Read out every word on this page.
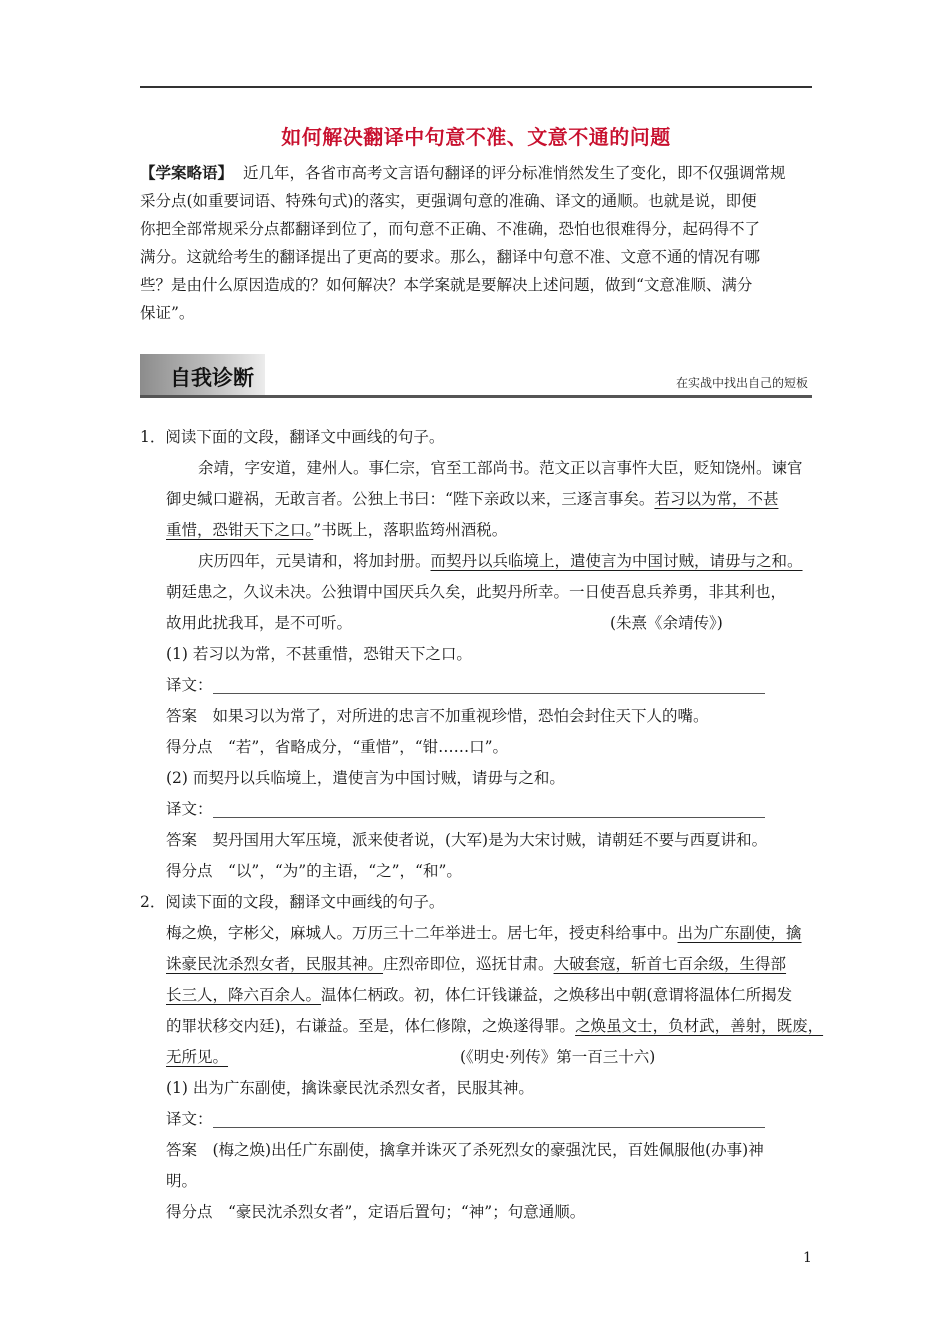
如何解决翻译中句意不准、文意不通的问题
【学案略语】 近几年，各省市高考文言语句翻译的评分标准悄然发生了变化，即不仅强调常规
采分点(如重要词语、特殊句式)的落实，更强调句意的准确、译文的通顺。也就是说，即便
你把全部常规采分点都翻译到位了，而句意不正确、不准确，恐怕也很难得分，起码得不了
满分。这就给考生的翻译提出了更高的要求。那么，翻译中句意不准、文意不通的情况有哪
些？是由什么原因造成的？如何解决？本学案就是要解决上述问题，做到“文意准顺、满分
保证”。
自我诊断	在实战中找出自己的短板
1．阅读下面的文段，翻译文中画线的句子。
余靖，字安道，建州人。事仁宗，官至工部尚书。范文正以言事忤大臣，贬知饶州。谏官
御史缄口避祸，无敢言者。公独上书曰：“陛下亲政以来，三逐言事矣。若习以为常，不甚
重惜，恐钳天下之口。”书既上，落职监筠州酒税。
庆历四年，元昊请和，将加封册。而契丹以兵临境上，遣使言为中国讨贼，请毋与之和。
朝廷患之，久议未决。公独谓中国厌兵久矣，此契丹所幸。一日使吾息兵养勇，非其利也，
故用此扰我耳，是不可听。	(朱熹《余靖传》)
(1) 若习以为常，不甚重惜，恐钳天下之口。
译文：
答案　如果习以为常了，对所进的忠言不加重视珍惜，恐怕会封住天下人的嘴。
得分点　“若”，省略成分，“重惜”，“钳……口”。
(2) 而契丹以兵临境上，遣使言为中国讨贼，请毋与之和。
译文：
答案　契丹国用大军压境，派来使者说，(大军)是为大宋讨贼，请朝廷不要与西夏讲和。
得分点　“以”，“为”的主语，“之”，“和”。
2．阅读下面的文段，翻译文中画线的句子。
梅之焕，字彬父，麻城人。万历三十二年举进士。居七年，授吏科给事中。出为广东副使，擒
诛豪民沈杀烈女者，民服其神。庄烈帝即位，巡抚甘肃。大破套寇，斩首七百余级，生得部
长三人，降六百余人。温体仁柄政。初，体仁讦钱谦益，之焕移出中朝(意谓将温体仁所揭发
的罪状移交内廷)，右谦益。至是，体仁修隙，之焕遂得罪。之焕虽文士，负材武，善射，既废，
无所见。	(《明史·列传》第一百三十六)
(1) 出为广东副使，擒诛豪民沈杀烈女者，民服其神。
译文：
答案　(梅之焕)出任广东副使，擒拿并诛灭了杀死烈女的豪强沈民，百姓佩服他(办事)神
明。
得分点　“豪民沈杀烈女者”，定语后置句；“神”；句意通顺。
1
